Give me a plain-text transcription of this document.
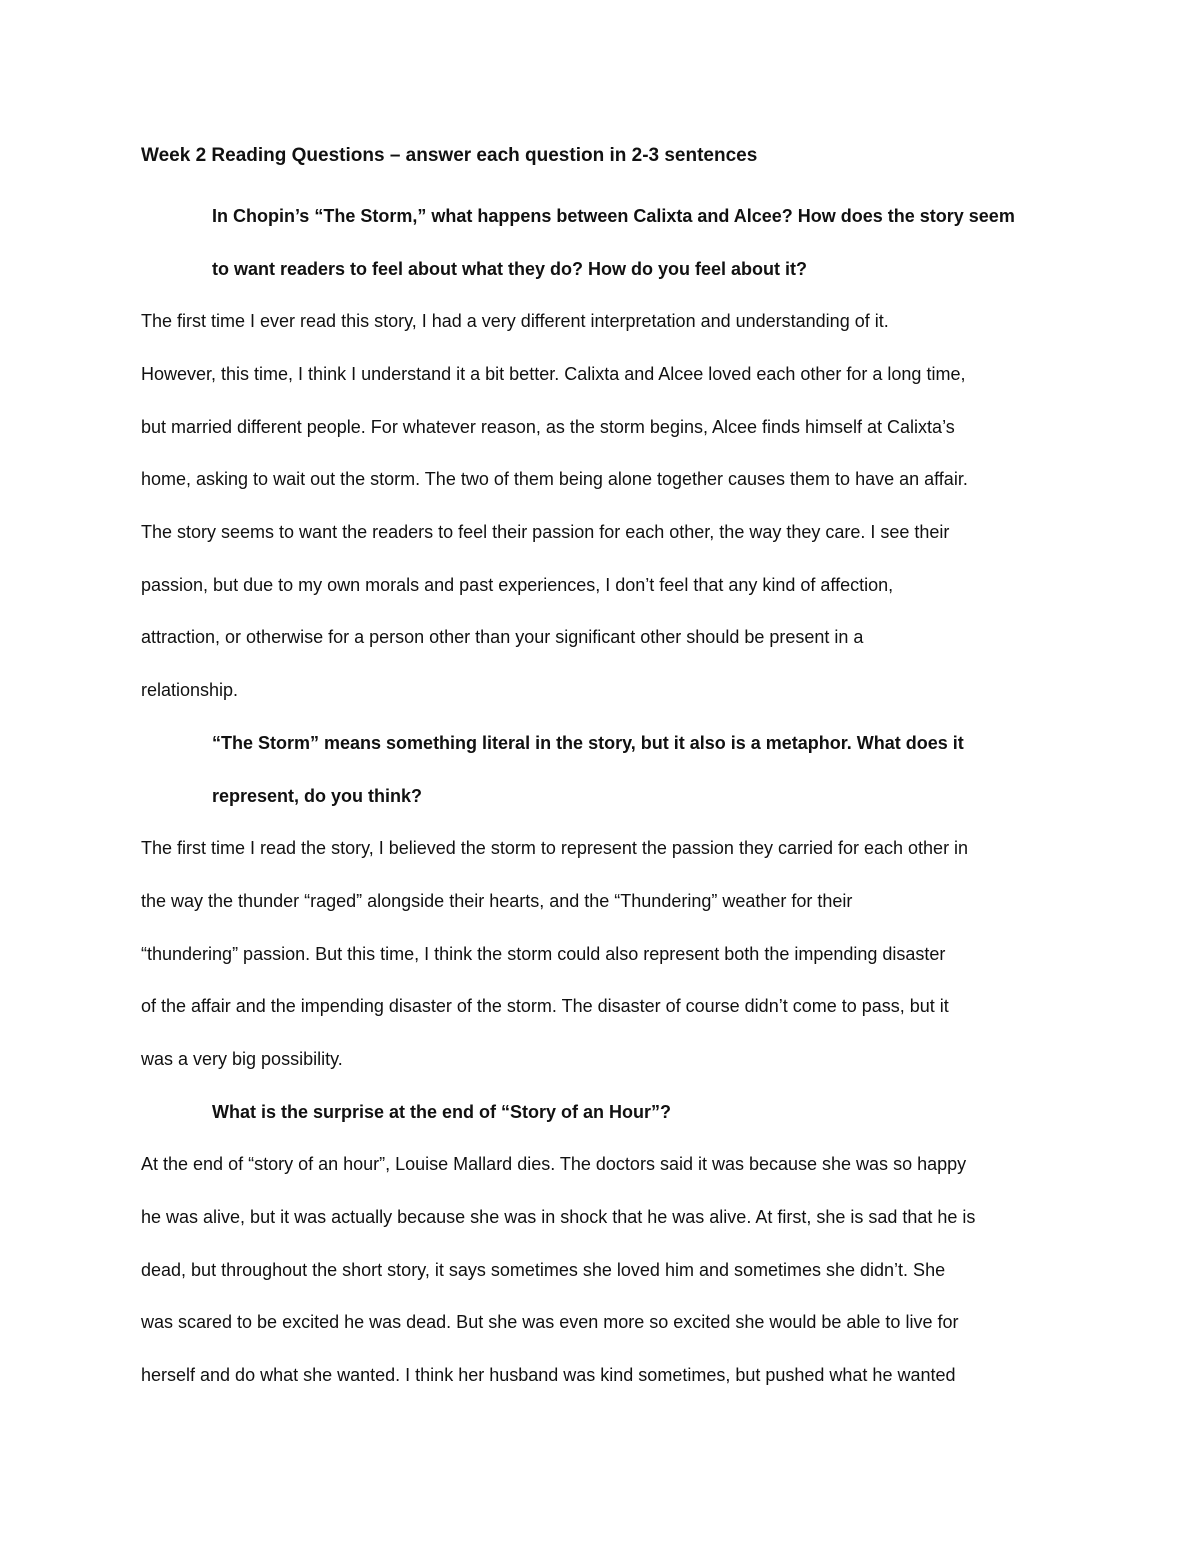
Week 2 Reading Questions – answer each question in 2-3 sentences
In Chopin’s “The Storm,” what happens between Calixta and Alcee? How does the story seem
to want readers to feel about what they do? How do you feel about it?
The first time I ever read this story, I had a very different interpretation and understanding of it.
However, this time, I think I understand it a bit better. Calixta and Alcee loved each other for a long time,
but married different people. For whatever reason, as the storm begins, Alcee finds himself at Calixta’s
home, asking to wait out the storm. The two of them being alone together causes them to have an affair.
The story seems to want the readers to feel their passion for each other, the way they care. I see their
passion, but due to my own morals and past experiences, I don’t feel that any kind of affection,
attraction, or otherwise for a person other than your significant other should be present in a
relationship.
“The Storm” means something literal in the story, but it also is a metaphor. What does it
represent, do you think?
The first time I read the story, I believed the storm to represent the passion they carried for each other in
the way the thunder “raged” alongside their hearts, and the “Thundering” weather for their
“thundering” passion. But this time, I think the storm could also represent both the impending disaster
of the affair and the impending disaster of the storm. The disaster of course didn’t come to pass, but it
was a very big possibility.
What is the surprise at the end of “Story of an Hour”?
At the end of “story of an hour”, Louise Mallard dies. The doctors said it was because she was so happy
he was alive, but it was actually because she was in shock that he was alive. At first, she is sad that he is
dead, but throughout the short story, it says sometimes she loved him and sometimes she didn’t. She
was scared to be excited he was dead. But she was even more so excited she would be able to live for
herself and do what she wanted. I think her husband was kind sometimes, but pushed what he wanted
